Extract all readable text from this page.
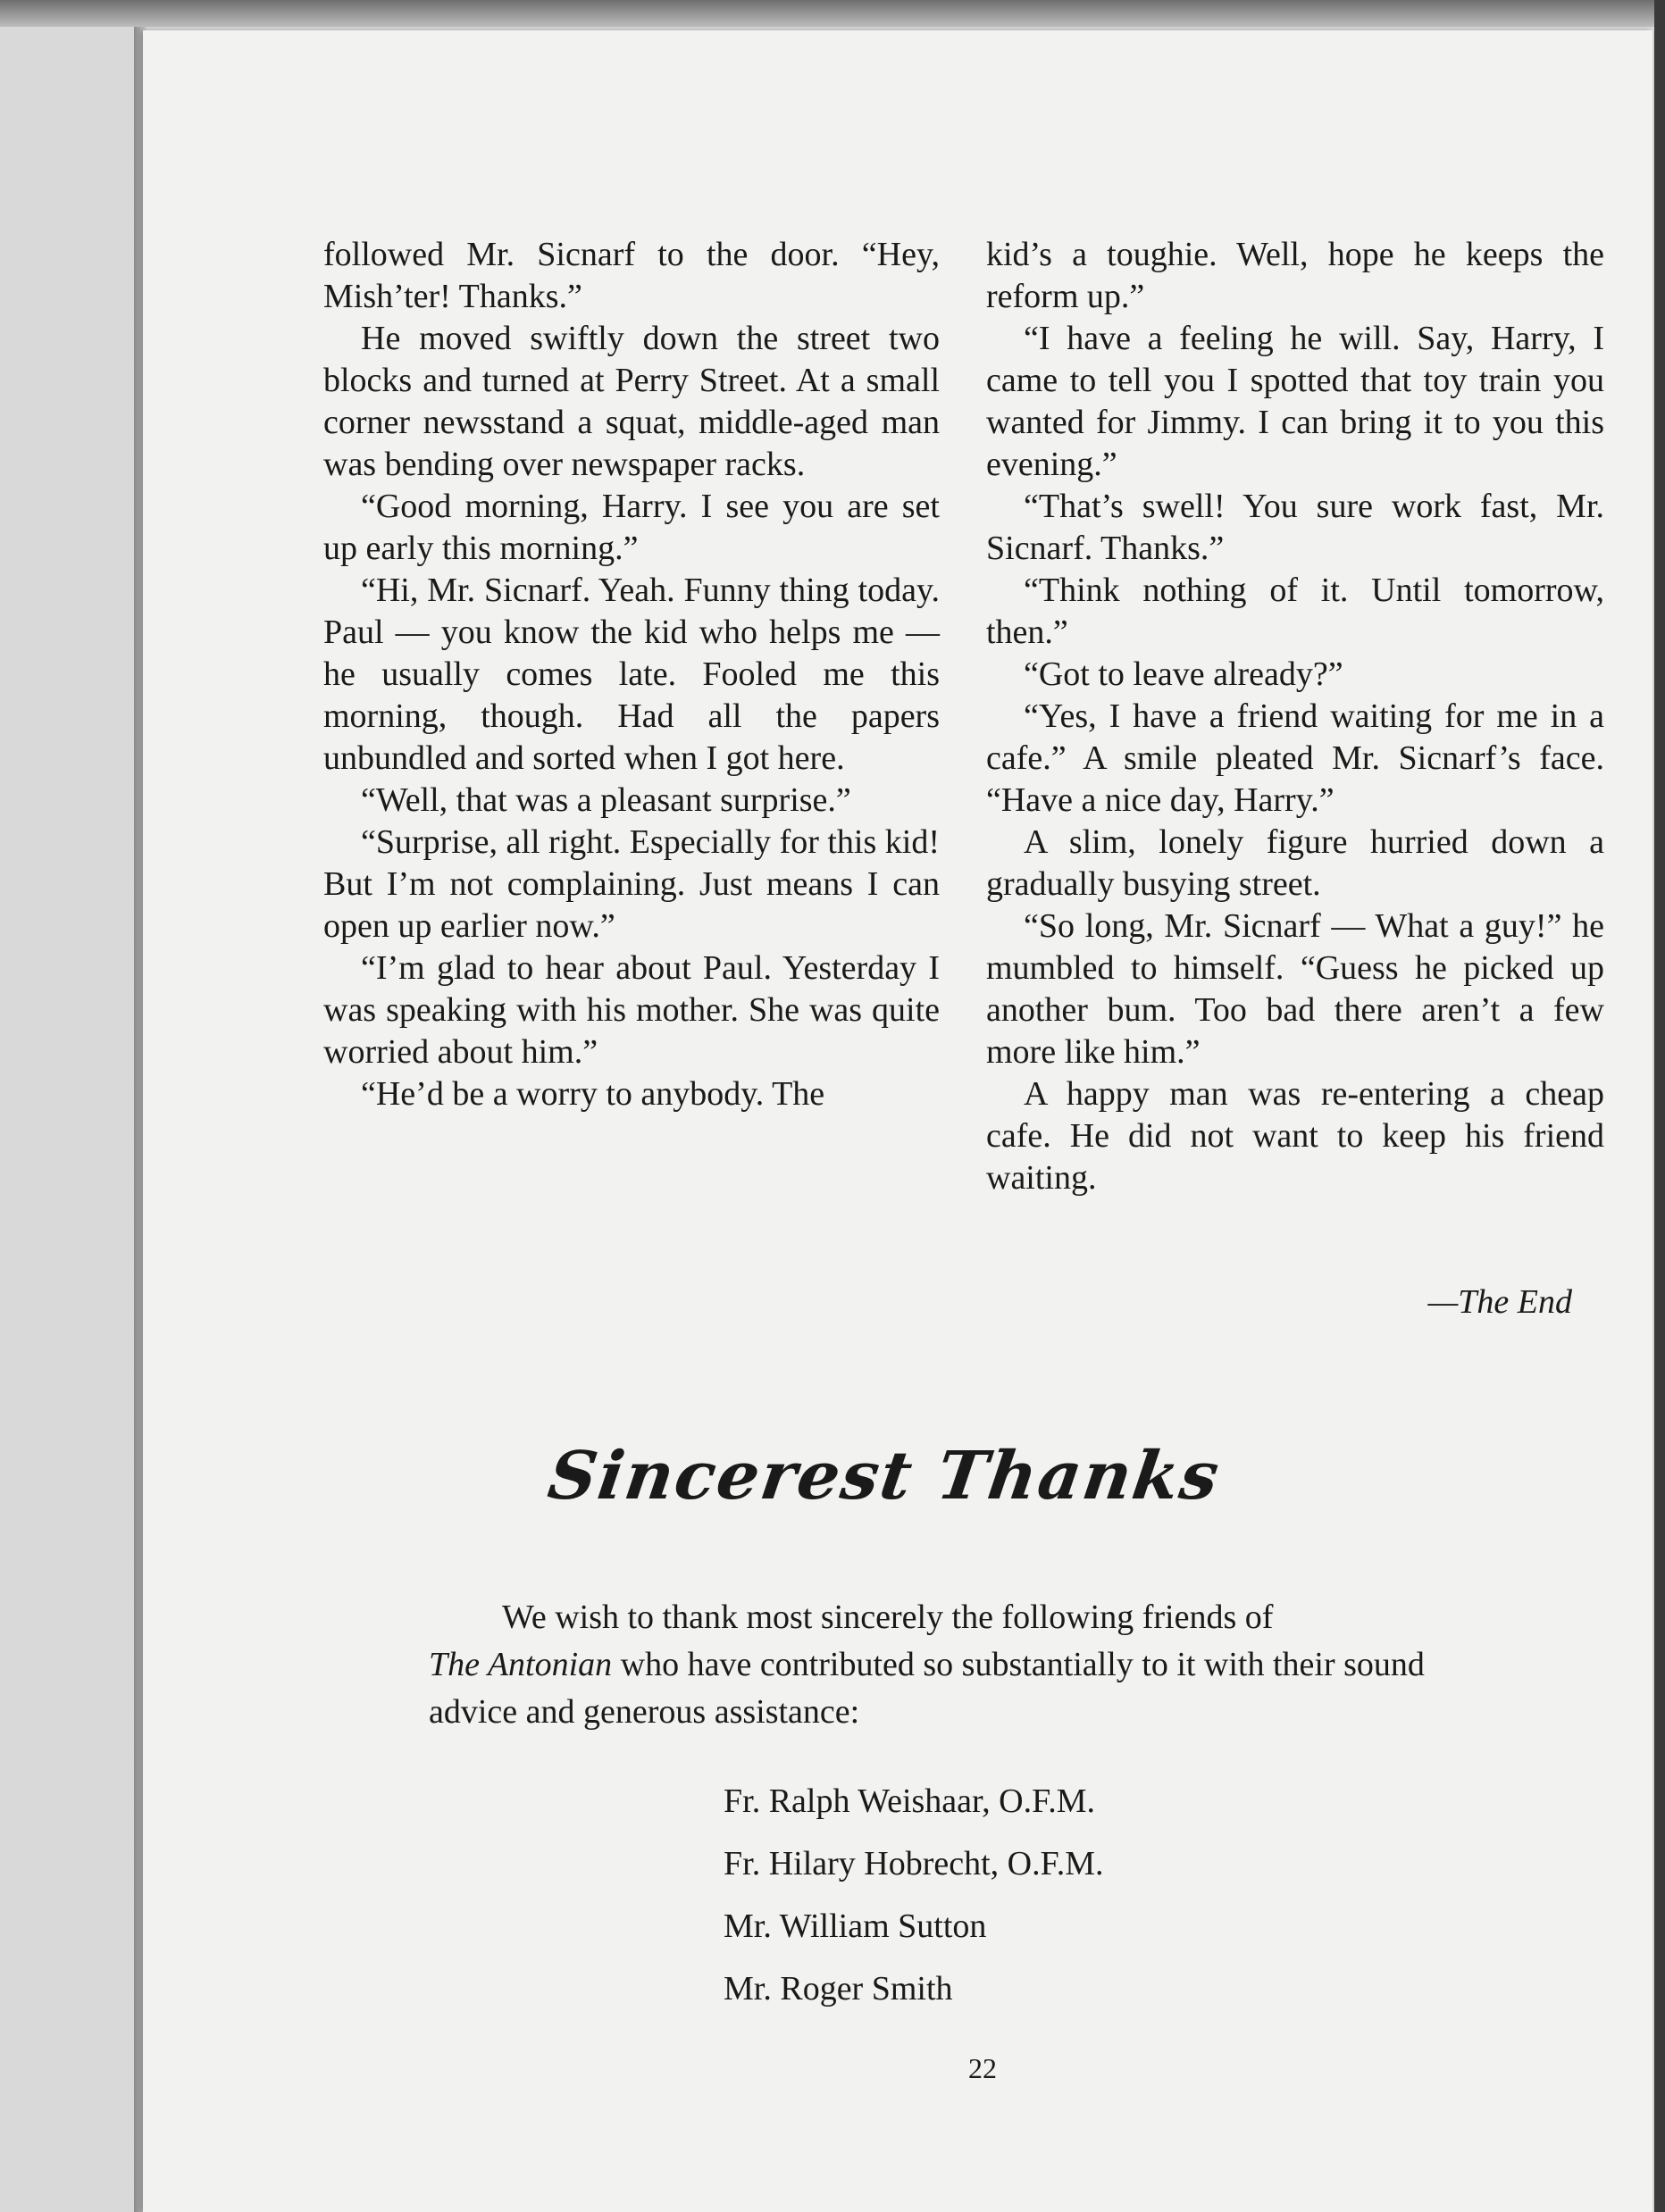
followed Mr. Sicnarf to the door. “Hey, Mish’ter! Thanks.”

He moved swiftly down the street two blocks and turned at Perry Street. At a small corner newsstand a squat, middle-aged man was bending over newspaper racks.

“Good morning, Harry. I see you are set up early this morning.”

“Hi, Mr. Sicnarf. Yeah. Funny thing today. Paul — you know the kid who helps me — he usually comes late. Fooled me this morning, though. Had all the papers unbundled and sorted when I got here.

“Well, that was a pleasant surprise.”

“Surprise, all right. Especially for this kid! But I’m not complaining. Just means I can open up earlier now.”

“I’m glad to hear about Paul. Yesterday I was speaking with his mother. She was quite worried about him.”

“He’d be a worry to anybody. The

kid’s a toughie. Well, hope he keeps the reform up.”

“I have a feeling he will. Say, Harry, I came to tell you I spotted that toy train you wanted for Jimmy. I can bring it to you this evening.”

“That’s swell! You sure work fast, Mr. Sicnarf. Thanks.”

“Think nothing of it. Until tomorrow, then.”

“Got to leave already?”

“Yes, I have a friend waiting for me in a cafe.” A smile pleated Mr. Sicnarf’s face. “Have a nice day, Harry.”

A slim, lonely figure hurried down a gradually busying street.

“So long, Mr. Sicnarf — What a guy!” he mumbled to himself. “Guess he picked up another bum. Too bad there aren’t a few more like him.”

A happy man was re-entering a cheap cafe. He did not want to keep his friend waiting.

—The End
Sincerest Thanks
We wish to thank most sincerely the following friends of
The Antonian who have contributed so substantially to it with their sound advice and generous assistance:
Fr. Ralph Weishaar, O.F.M.
Fr. Hilary Hobrecht, O.F.M.
Mr. William Sutton
Mr. Roger Smith
22
